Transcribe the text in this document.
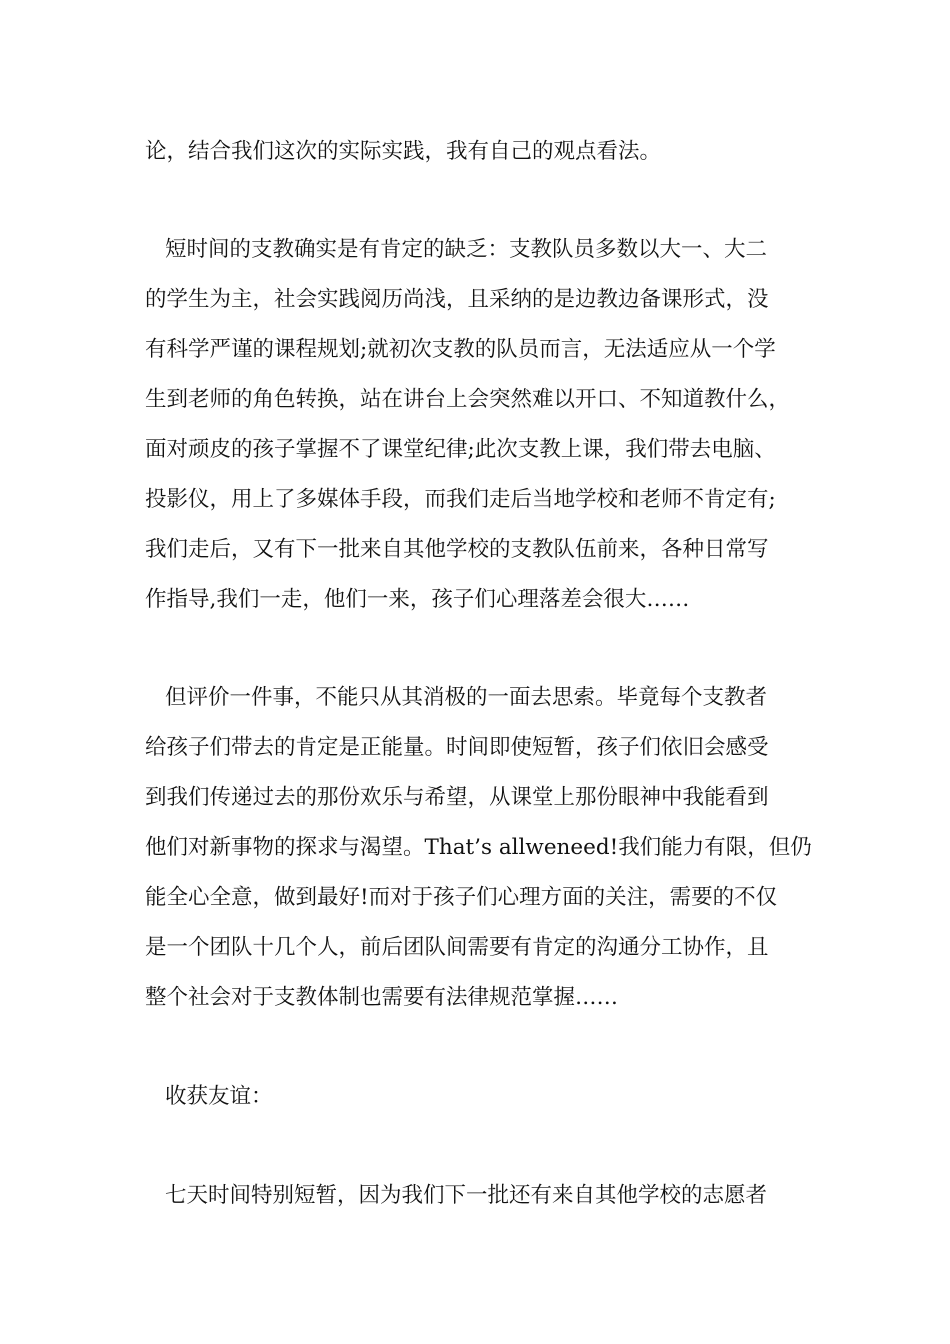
论，结合我们这次的实际实践，我有自己的观点看法。
短时间的支教确实是有肯定的缺乏：支教队员多数以大一、大二
的学生为主，社会实践阅历尚浅，且采纳的是边教边备课形式，没
有科学严谨的课程规划;就初次支教的队员而言，无法适应从一个学
生到老师的角色转换，站在讲台上会突然难以开口、不知道教什么，
面对顽皮的孩子掌握不了课堂纪律;此次支教上课，我们带去电脑、
投影仪，用上了多媒体手段，而我们走后当地学校和老师不肯定有;
我们走后，又有下一批来自其他学校的支教队伍前来，各种日常写
作指导,我们一走，他们一来，孩子们心理落差会很大……
但评价一件事，不能只从其消极的一面去思索。毕竟每个支教者
给孩子们带去的肯定是正能量。时间即使短暂，孩子们依旧会感受
到我们传递过去的那份欢乐与希望，从课堂上那份眼神中我能看到
他们对新事物的探求与渴望。That’s allweneed!我们能力有限，但仍
能全心全意，做到最好!而对于孩子们心理方面的关注，需要的不仅
是一个团队十几个人，前后团队间需要有肯定的沟通分工协作，且
整个社会对于支教体制也需要有法律规范掌握……
收获友谊：
七天时间特别短暂，因为我们下一批还有来自其他学校的志愿者
